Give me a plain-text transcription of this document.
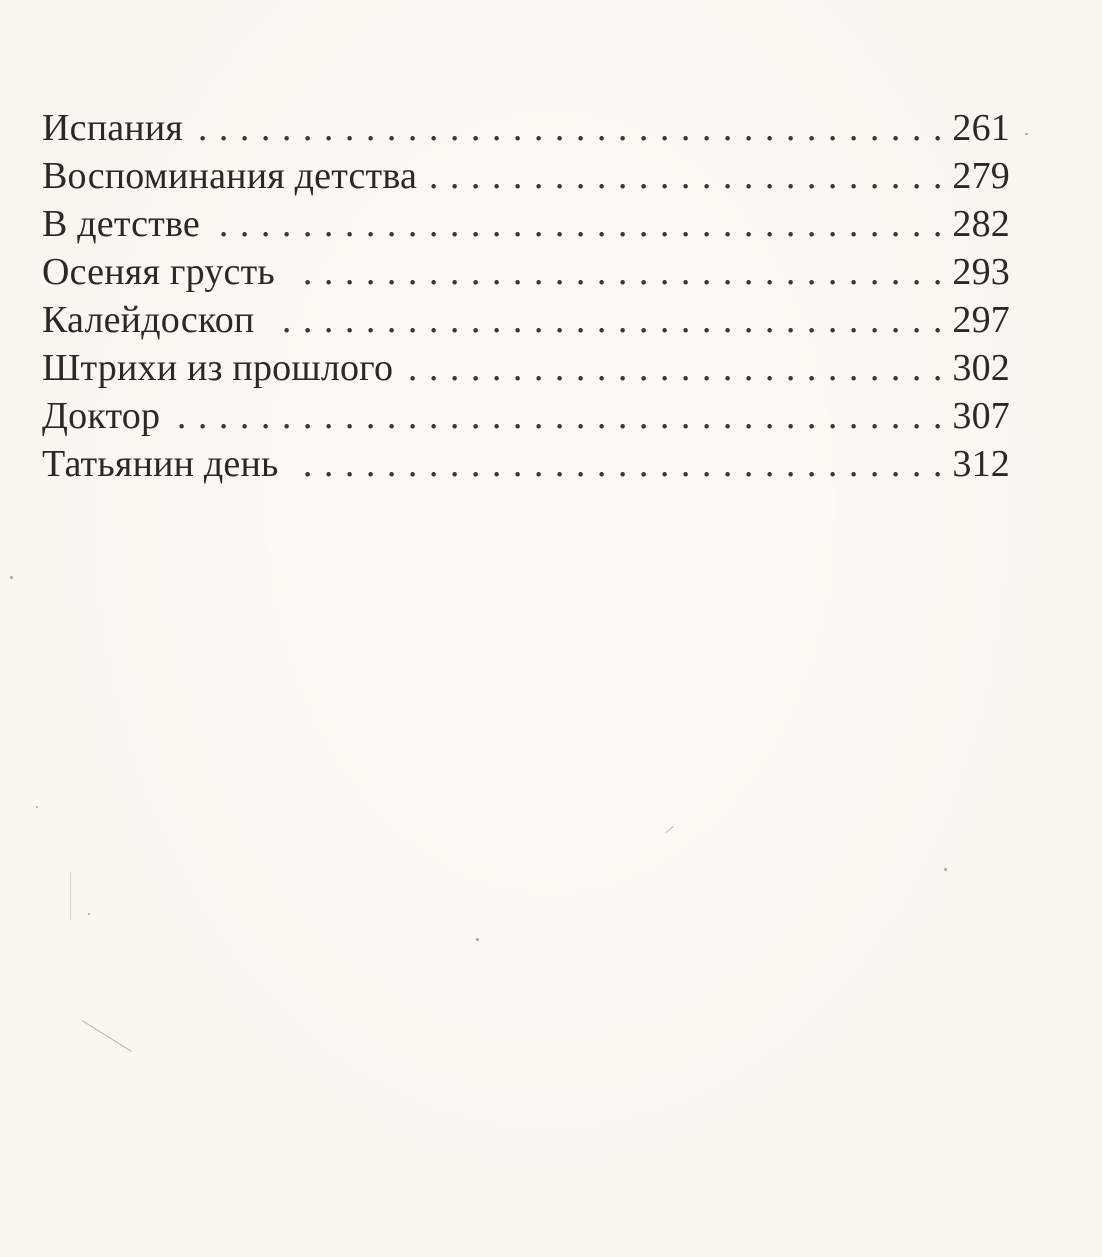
Испания . . .	261
Воспоминания детства . . .	279
В детстве . . .	282
Осеняя грусть . . .	293
Калейдоскоп . . .	297
Штрихи из прошлого . . .	302
Доктор . . .	307
Татьянин день . . .	312
